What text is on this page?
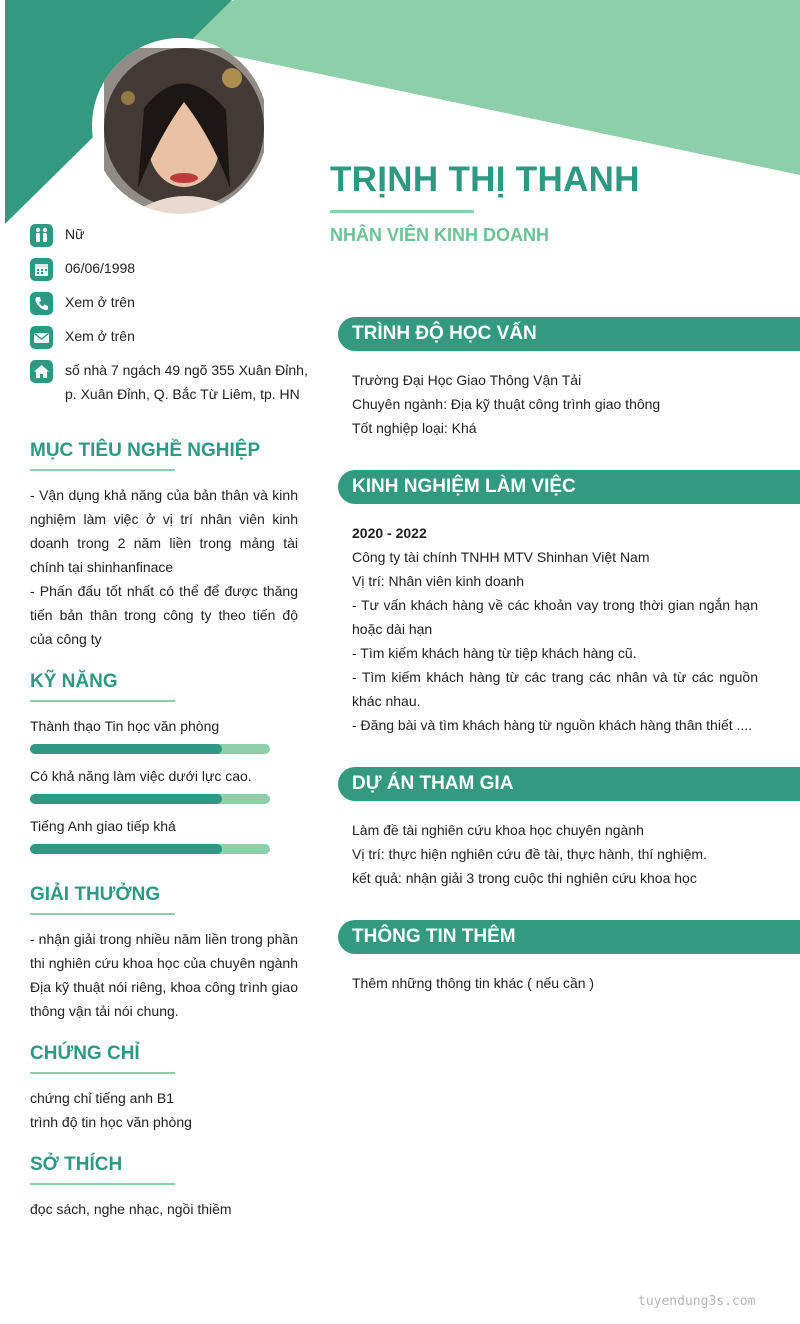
TRỊNH THỊ THANH
NHÂN VIÊN KINH DOANH
Nữ
06/06/1998
Xem ở trên
Xem ở trên
số nhà 7 ngách 49 ngõ 355 Xuân Đỉnh, p. Xuân Đỉnh, Q. Bắc Từ Liêm, tp. HN
MỤC TIÊU NGHỀ NGHIỆP

- Vận dụng khả năng của bản thân và kinh nghiệm làm việc ở vị trí nhân viên kinh doanh trong 2 năm liền trong mảng tài chính tại shinhanfinace

- Phấn đấu tốt nhất có thể để được thăng tiến bản thân trong công ty theo tiến độ của công ty

KỸ NĂNG
Thành thạo Tin học văn phòng
Có khả năng làm việc dưới lực cao.
Tiếng Anh giao tiếp khá
GIẢI THƯỞNG

- nhận giải trong nhiều năm liền trong phần thi nghiên cứu khoa học của chuyên ngành Địa kỹ thuật nói riêng, khoa công trình giao thông vận tải nói chung.

CHỨNG CHỈ

chứng chỉ tiếng anh B1

trình độ tin học văn phòng

SỞ THÍCH

đọc sách, nghe nhạc, ngồi thiềm

TRÌNH ĐỘ HỌC VẤN

Trường Đại Học Giao Thông Vận Tải

Chuyên ngành: Địa kỹ thuật công trình giao thông

Tốt nghiệp loại: Khá

KINH NGHIỆM LÀM VIỆC

2020 - 2022

Công ty tài chính TNHH MTV Shinhan Việt Nam

Vị trí: Nhân viên kinh doanh

- Tư vấn khách hàng về các khoản vay trong thời gian ngắn hạn hoặc dài hạn

- Tìm kiếm khách hàng từ tiệp khách hàng cũ.

- Tìm kiếm khách hàng từ các trang các nhân và từ các nguồn khác nhau.

- Đăng bài và tìm khách hàng từ nguồn khách hàng thân thiết ....

DỰ ÁN THAM GIA

Làm đề tài nghiên cứu khoa học chuyên ngành

Vị trí: thực hiện nghiên cứu đề tài, thực hành, thí nghiệm.

kết quả: nhận giải 3 trong cuộc thi nghiên cứu khoa học

THÔNG TIN THÊM

Thêm những thông tin khác ( nếu cần )

tuyendung3s.com
